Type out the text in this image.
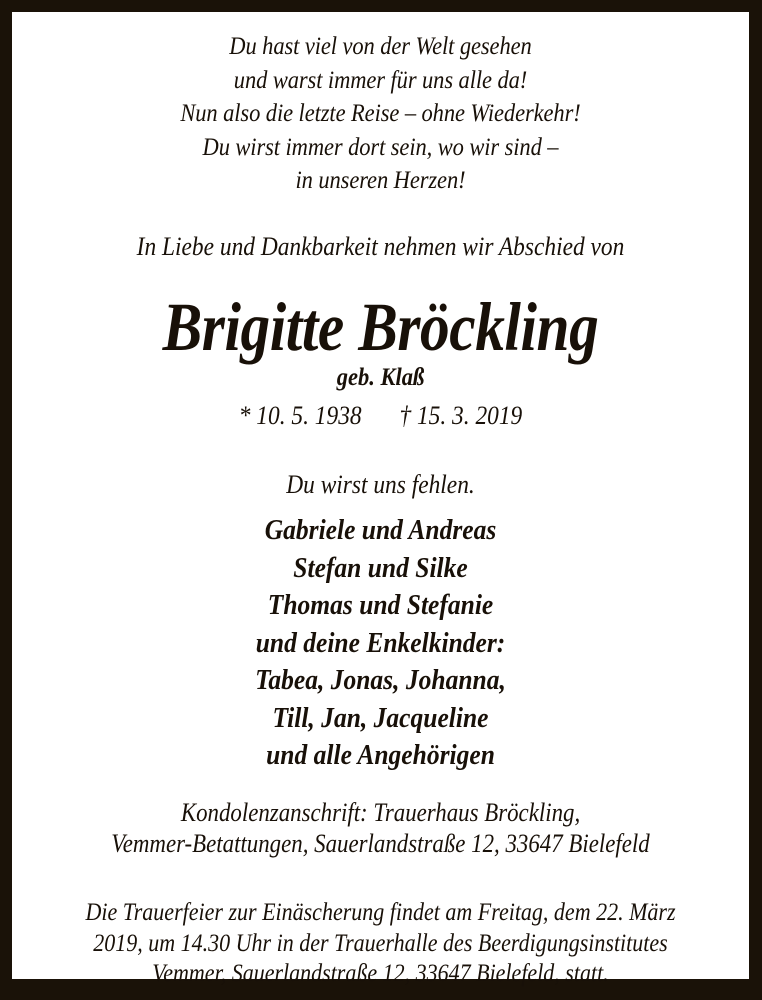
Du hast viel von der Welt gesehen
und warst immer für uns alle da!
Nun also die letzte Reise – ohne Wiederkehr!
Du wirst immer dort sein, wo wir sind –
in unseren Herzen!
In Liebe und Dankbarkeit nehmen wir Abschied von
Brigitte Bröckling
geb. Klaß
* 10. 5. 1938 † 15. 3. 2019
Du wirst uns fehlen.
Gabriele und Andreas
Stefan und Silke
Thomas und Stefanie
und deine Enkelkinder:
Tabea, Jonas, Johanna,
Till, Jan, Jacqueline
und alle Angehörigen
Kondolenzanschrift: Trauerhaus Bröckling,
Vemmer-Betattungen, Sauerlandstraße 12, 33647 Bielefeld
Die Trauerfeier zur Einäscherung findet am Freitag, dem 22. März
2019, um 14.30 Uhr in der Trauerhalle des Beerdigungsinstitutes
Vemmer, Sauerlandstraße 12, 33647 Bielefeld, statt.
